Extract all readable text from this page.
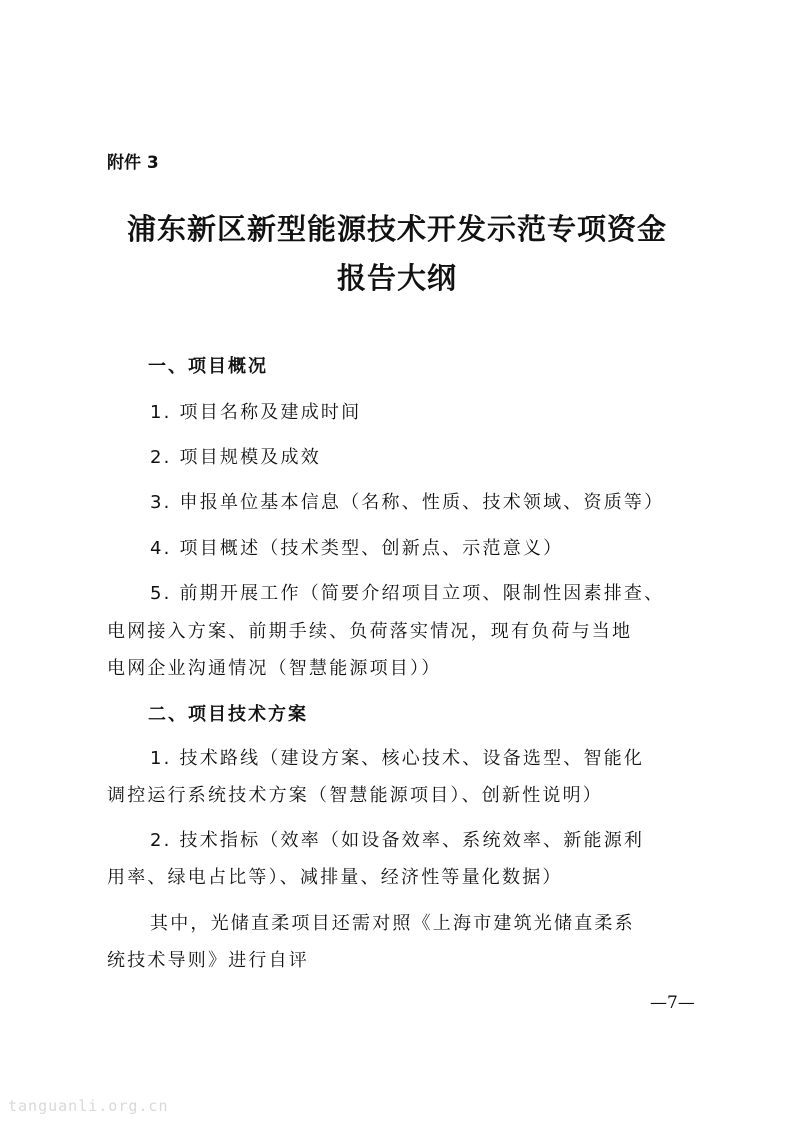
附件 3
浦东新区新型能源技术开发示范专项资金
报告大纲
一、项目概况
1. 项目名称及建成时间
2. 项目规模及成效
3. 申报单位基本信息（名称、性质、技术领域、资质等）
4. 项目概述（技术类型、创新点、示范意义）
5. 前期开展工作（简要介绍项目立项、限制性因素排查、
电网接入方案、前期手续、负荷落实情况，现有负荷与当地
电网企业沟通情况（智慧能源项目））
二、项目技术方案
1. 技术路线（建设方案、核心技术、设备选型、智能化
调控运行系统技术方案（智慧能源项目）、创新性说明）
2. 技术指标（效率（如设备效率、系统效率、新能源利
用率、绿电占比等）、减排量、经济性等量化数据）
其中，光储直柔项目还需对照《上海市建筑光储直柔系
统技术导则》进行自评
—7—
tanguanli.org.cn
